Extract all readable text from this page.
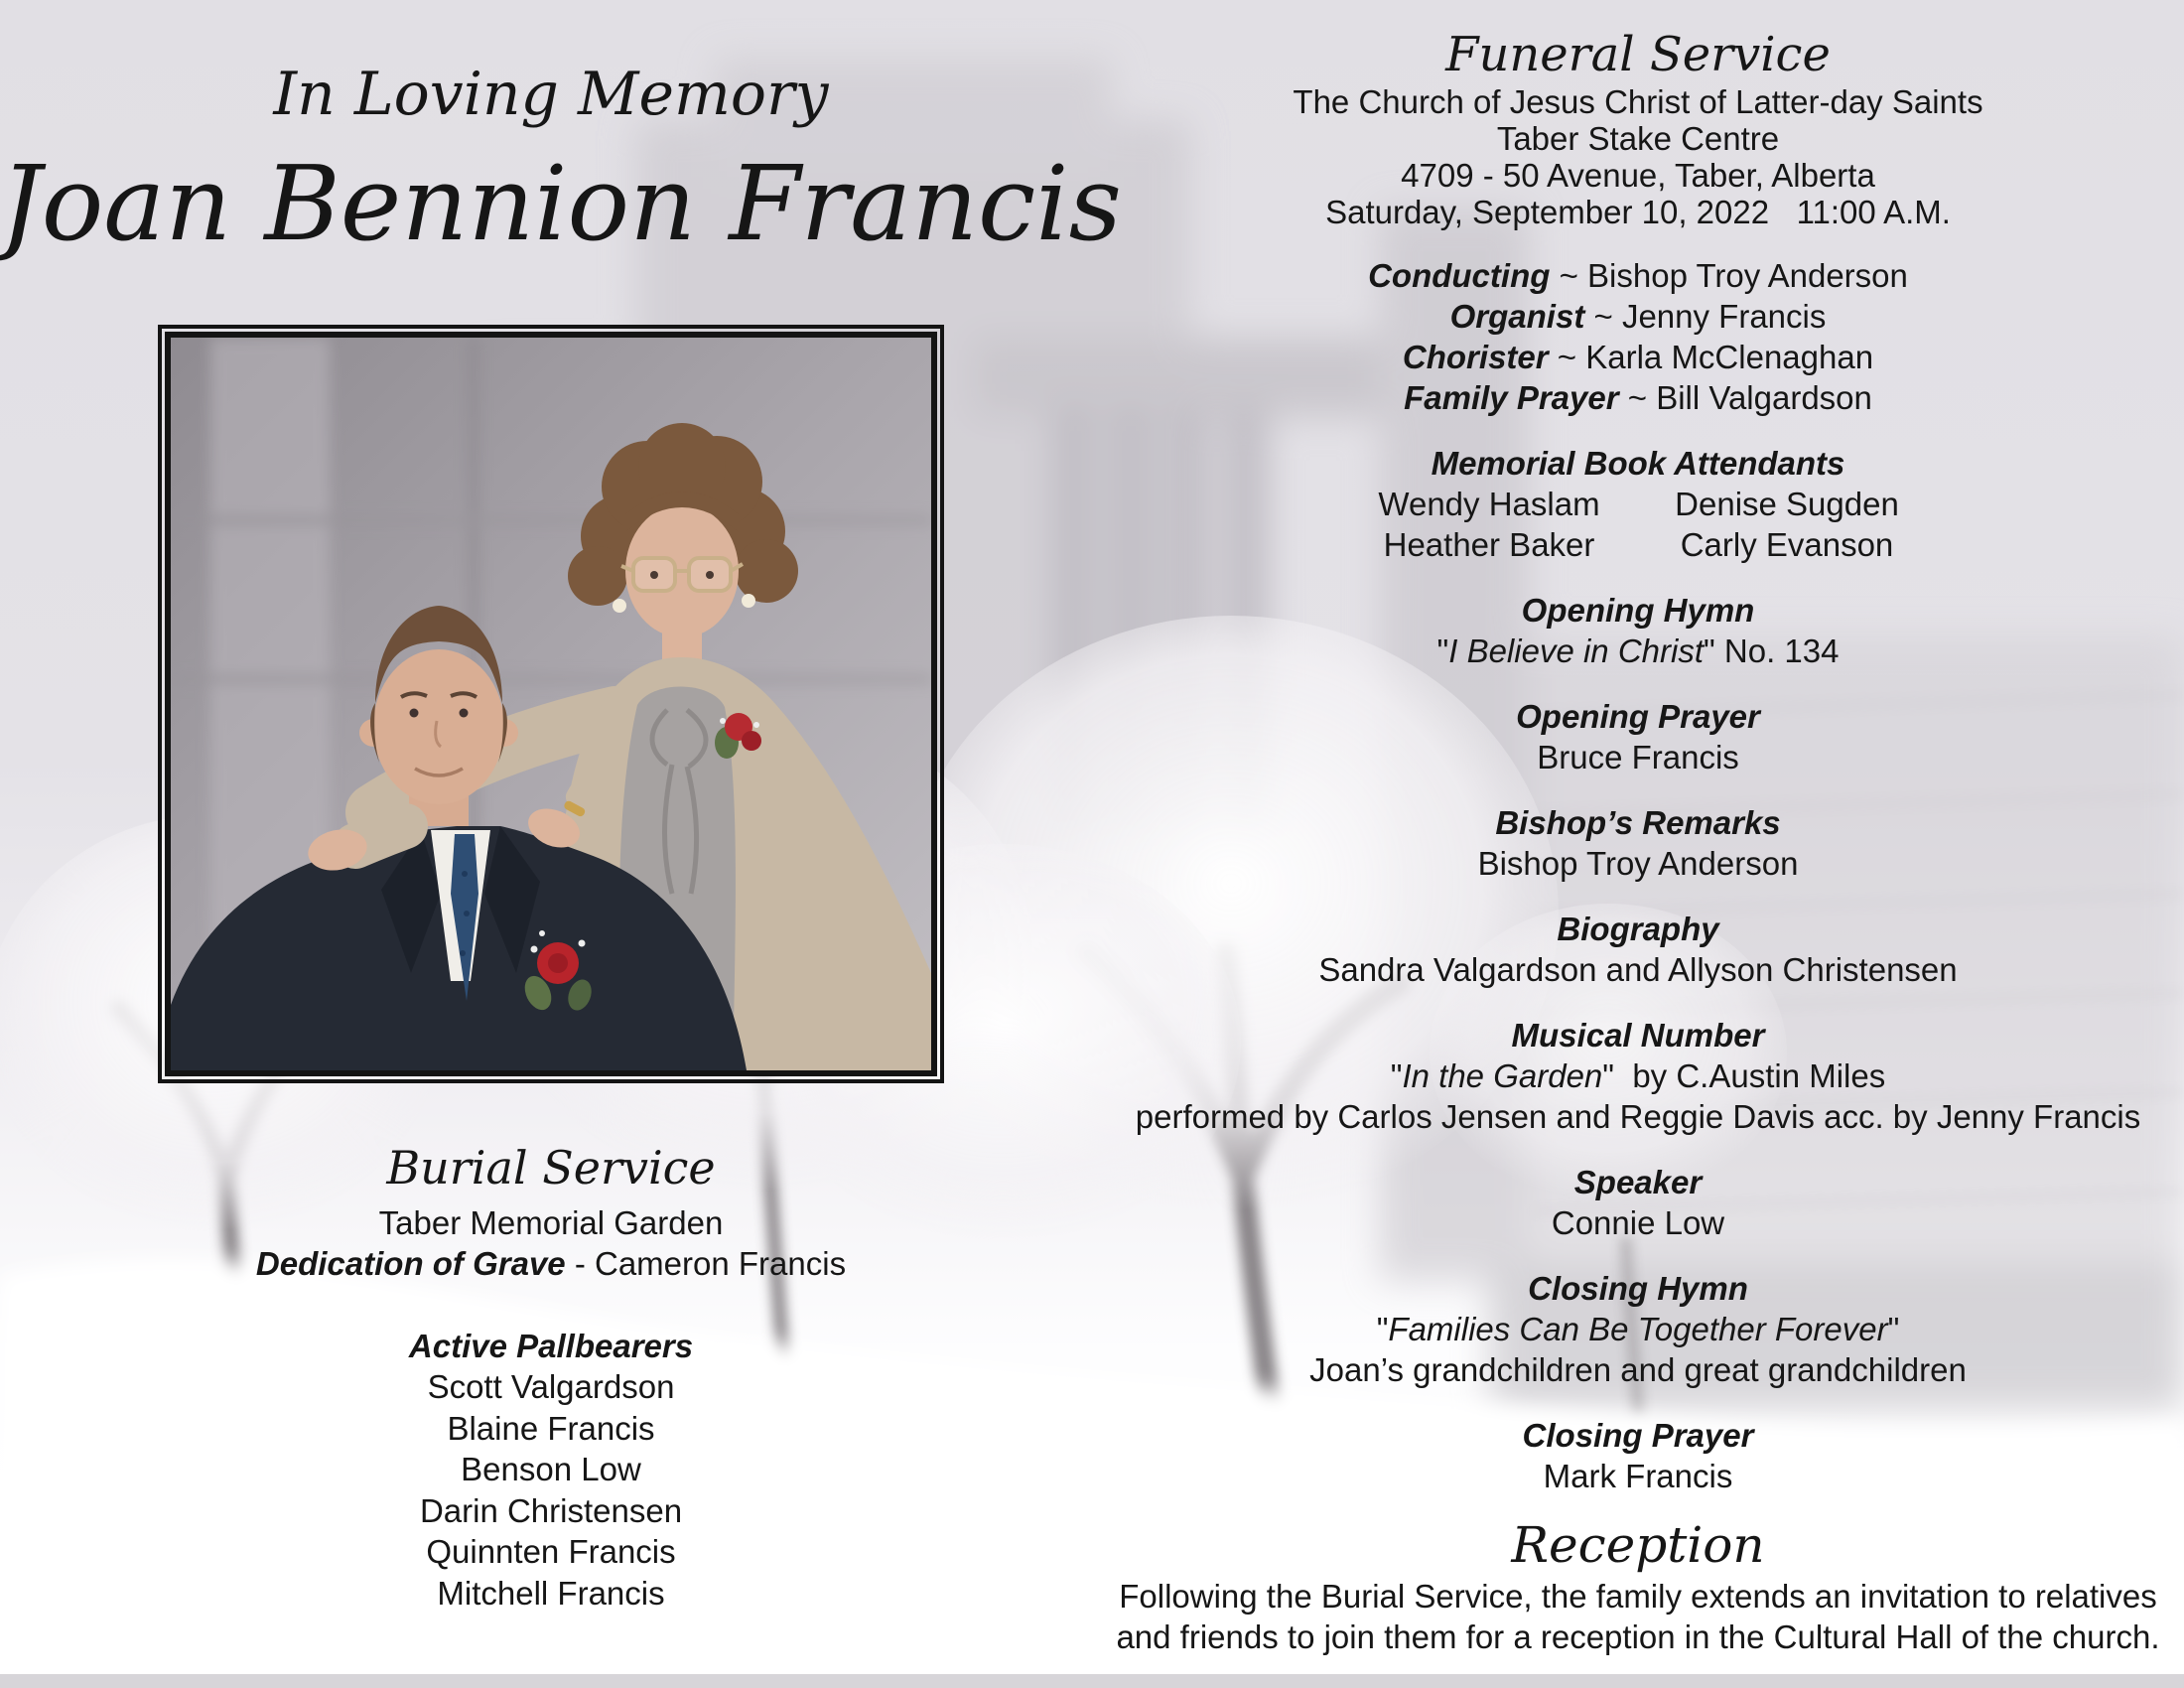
In Loving Memory
Joan Bennion Francis
Burial Service
Taber Memorial Garden
Dedication of Grave - Cameron Francis
Active Pallbearers
Scott Valgardson
Blaine Francis
Benson Low
Darin Christensen
Quinnten Francis
Mitchell Francis
Funeral Service
The Church of Jesus Christ of Latter-day Saints
Taber Stake Centre
4709 - 50 Avenue, Taber, Alberta
Saturday, September 10, 2022   11:00 A.M.
Conducting ~ Bishop Troy Anderson
Organist ~ Jenny Francis
Chorister ~ Karla McClenaghan
Family Prayer ~ Bill Valgardson
Memorial Book Attendants
Wendy Haslam
Heather Baker
Denise Sugden
Carly Evanson
Opening Hymn
"I Believe in Christ" No. 134
Opening Prayer
Bruce Francis
Bishop’s Remarks
Bishop Troy Anderson
Biography
Sandra Valgardson and Allyson Christensen
Musical Number
"In the Garden"  by C.Austin Miles
performed by Carlos Jensen and Reggie Davis acc. by Jenny Francis
Speaker
Connie Low
Closing Hymn
"Families Can Be Together Forever"
Joan’s grandchildren and great grandchildren
Closing Prayer
Mark Francis
Reception
Following the Burial Service, the family extends an invitation to relatives
and friends to join them for a reception in the Cultural Hall of the church.
